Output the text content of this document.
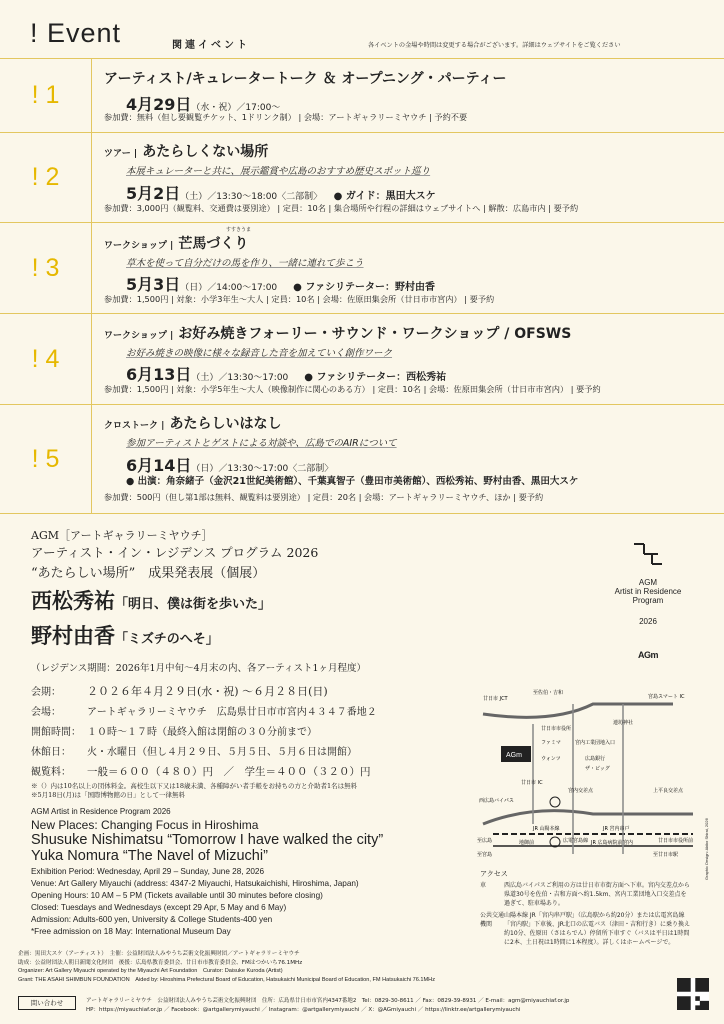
! Event	関連イベント	各イベントの金場や時間は変更する場合がございます。詳細はウェブサイトをご覧ください
! 1
アーティスト/キュレータートーク ＆ オープニング・パーティー
4月29日（水・祝）／17:00～
参加費：無料（但し要観覧チケット、1ドリンク制） | 会場：アートギャラリーミヤウチ | 予約不要
! 2
ツアー | あたらしくない場所
本展キュレーターと共に、展示鑑賞や広島のおすすめ歴史スポット巡り
5月2日（土）／13:30～18:00〈二部制〉　 ● ガイド：黒田大スケ
参加費：3,000円（観覧料、交通費は要別途） | 定員：10名 | 集合場所や行程の詳細はウェブサイトへ | 解散：広島市内 | 要予約
! 3
すすきうま
ワークショップ | 芒馬づくり
草木を使って自分だけの馬を作り、一緒に連れて歩こう
5月3日（日）／14:00～17:00　 ● ファシリテーター：野村由香
参加費：1,500円 | 対象：小学3年生～大人 | 定員：10名 | 会場：佐原田集会所（廿日市市宮内） | 要予約
! 4
ワークショップ | お好み焼きフォーリー・サウンド・ワークショップ / OFSWS
お好み焼きの映像に様々な録音した音を加えていく創作ワーク
6月13日（土）／13:30～17:00　 ● ファシリテーター：西松秀祐
参加費：1,500円 | 対象：小学5年生～大人（映像制作に関心のある方） | 定員：10名 | 会場：佐原田集会所（廿日市市宮内） | 要予約
! 5
クロストーク | あたらしいはなし
参加アーティストとゲストによる対談や、広島でのAIRについて
6月14日（日）／13:30～17:00〈二部制〉
● 出演：角奈緒子（金沢21世紀美術館）、千葉真智子（豊田市美術館）、西松秀祐、野村由香、黒田大スケ
参加費：500円（但し第1部は無料、観覧料は要別途） | 定員：20名 | 会場：アートギャラリーミヤウチ、ほか | 要予約
AGM［アートギャラリーミヤウチ］
アーティスト・イン・レジデンス プログラム 2026
“あたらしい場所”　成果発表展（個展）
西松秀祐「明日、僕は街を歩いた」
野村由香「ミズチのへそ」
（レジデンス期間：2026年1月中旬～4月末の内、各アーティスト1ヶ月程度）
会期： ２０２６年４月２９日(水・祝) ～６月２８日(日)
会場：	アートギャラリーミヤウチ　広島県廿日市市宮内４３４７番地２
開館時間： １０時～１７時（最終入館は閉館の３０分前まで）
休館日： 火・水曜日（但し４月２９日、５月５日、５月６日は開館）
観覧料： 一般＝６００（４８０）円　／　学生＝４００（３２０）円
※（）内は10名以上の団体料金。高校生以下又は18歳未満、各種障がい者手帳をお持ちの方と介助者1名は無料
※5月18日(月)は「国際博物館の日」として一律無料
AGM Artist in Residence Program 2026
New Places: Changing Focus in Hiroshima
Shusuke Nishimatsu “Tomorrow I have walked the city”
Yuka Nomura “The Navel of Mizuchi”
Exhibition Period: Wednesday, April 29 – Sunday, June 28, 2026
Venue: Art Gallery Miyauchi (address: 4347-2 Miyauchi, Hatsukaichishi, Hiroshima, Japan)
Opening Hours: 10 AM – 5 PM (Tickets available until 30 minutes before closing)
Closed: Tuesdays and Wednesdays (except 29 Apr, 5 May and 6 May)
Admission: Adults-600 yen, University & College Students-400 yen
*Free admission on 18 May: International Museum Day
AGM
Artist in Residence
Program
2026
AGm
Graphic Design: Akiko Shirai, 2026
AGm
廿日市 JCT
至佐伯・吉和
宮島スマート IC
廿日市市役所
連坊神社
ファミマ	宮内工業団地入口
ウォンツ	広島銀行
ザ・ビッグ
宮内交差点	上平良交差点
廿日市 IC
西広島バイパス
JR 山陽本線	JR 宮内串戸
地御前	広電宮島線 JR 広島病院前 宮内	廿日市市役所前
至広島
至宮島	至廿日市駅
アクセス
車	西広島バイパスご利用の方は廿日市市街方面へ下車。宮内交差点から県道30号を佐伯・吉和方面へ約1.5km、宮内工業団地入口交差点を過ぎて、駐車場あり。
公共交通機関
山陽本線 JR「宮内串戸駅」（広島駅から約20分）または広電宮島線「宮内駅」下車後、JR北口の広電バス（津田・吉和行き）に乗り換え約10分、佐原田（さはらでん）停留所下車すぐ（バスは平日は1時間に2本、土日祝は1時間に1本程度）。詳しくはホームページで。
企画：黒田大スケ（アーティスト）　主催：公益財団法人みやうち芸術文化振興財団／アートギャラリーミヤウチ
助成：公益財団法人朝日新聞文化財団　後援：広島県教育委員会、廿日市市教育委員会、FMはつかいち76.1MHz
Organizer: Art Gallery Miyauchi operated by the Miyauchi Art Foundation　Curator: Daisuke Kuroda (Artist)
Grant: THE ASAHI SHIMBUN FOUNDATION　Aided by: Hiroshima Prefectural Board of Education, Hatsukaichi Municipal Board of Education, FM Hatsukaichi 76.1MHz
問い合わせ	アートギャラリーミヤウチ　公益財団法人みやうち芸術文化振興財団　住所：広島県廿日市市宮内4347番地2　Tel：0829-30-8611 ／ Fax：0829-39-8931 ／ E-mail：agm@miyauchiaf.or.jp
HP：https://miyauchiaf.or.jp ／ Facebook：@artgallerymiyauchi ／ Instagram：@artgallerymiyauchi ／ X：@AGmiyauchi ／ https://linktr.ee/artgallerymiyauchi
